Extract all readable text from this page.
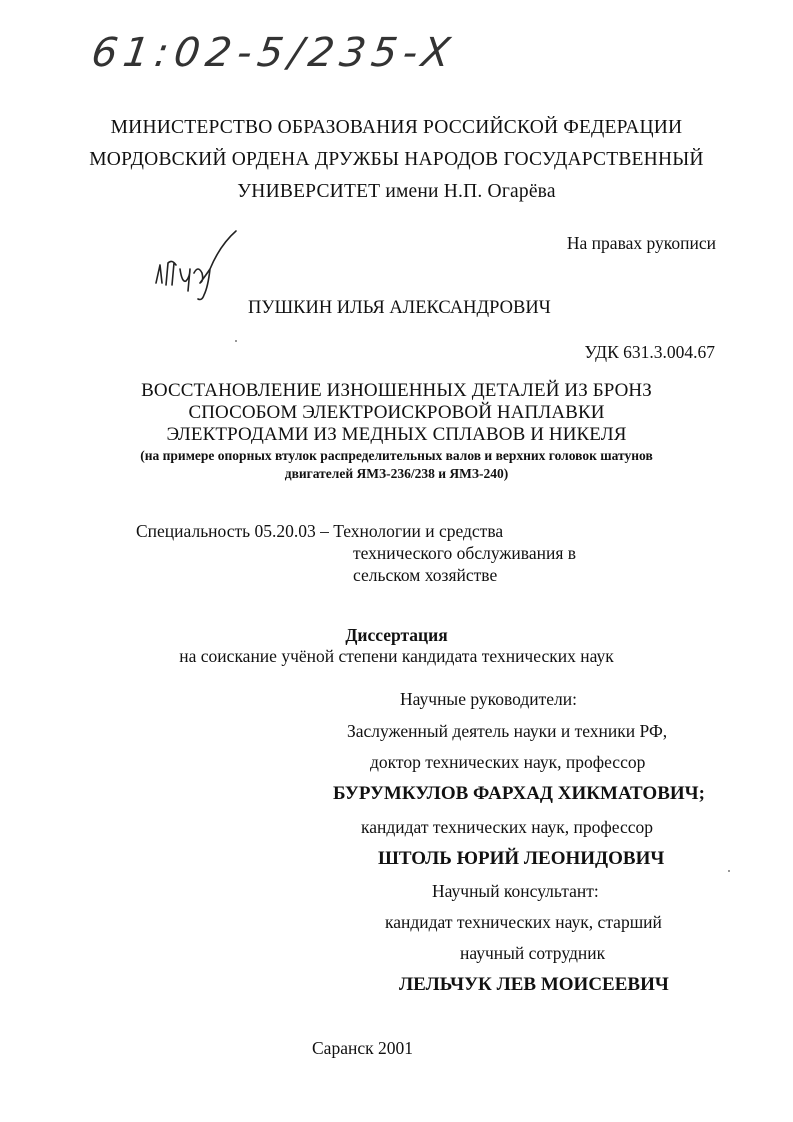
61:02-5/235-X
МИНИСТЕРСТВО ОБРАЗОВАНИЯ РОССИЙСКОЙ ФЕДЕРАЦИИ
МОРДОВСКИЙ ОРДЕНА ДРУЖБЫ НАРОДОВ ГОСУДАРСТВЕННЫЙ
УНИВЕРСИТЕТ имени Н.П. Огарёва
На правах рукописи
ПУШКИН ИЛЬЯ АЛЕКСАНДРОВИЧ
УДК 631.3.004.67
ВОССТАНОВЛЕНИЕ ИЗНОШЕННЫХ ДЕТАЛЕЙ ИЗ БРОНЗ
СПОСОБОМ ЭЛЕКТРОИСКРОВОЙ НАПЛАВКИ
ЭЛЕКТРОДАМИ ИЗ МЕДНЫХ СПЛАВОВ И НИКЕЛЯ
(на примере опорных втулок распределительных валов и верхних головок шатунов
двигателей ЯМЗ-236/238 и ЯМЗ-240)
Специальность 05.20.03 – Технологии и средства
технического обслуживания в
сельском хозяйстве
Диссертация
на соискание учёной степени кандидата технических наук
Научные руководители:
Заслуженный деятель науки и техники РФ,
доктор технических наук, профессор
БУРУМКУЛОВ ФАРХАД ХИКМАТОВИЧ;
кандидат технических наук, профессор
ШТОЛЬ ЮРИЙ ЛЕОНИДОВИЧ
Научный консультант:
кандидат технических наук, старший
научный сотрудник
ЛЕЛЬЧУК ЛЕВ МОИСЕЕВИЧ
Саранск 2001
